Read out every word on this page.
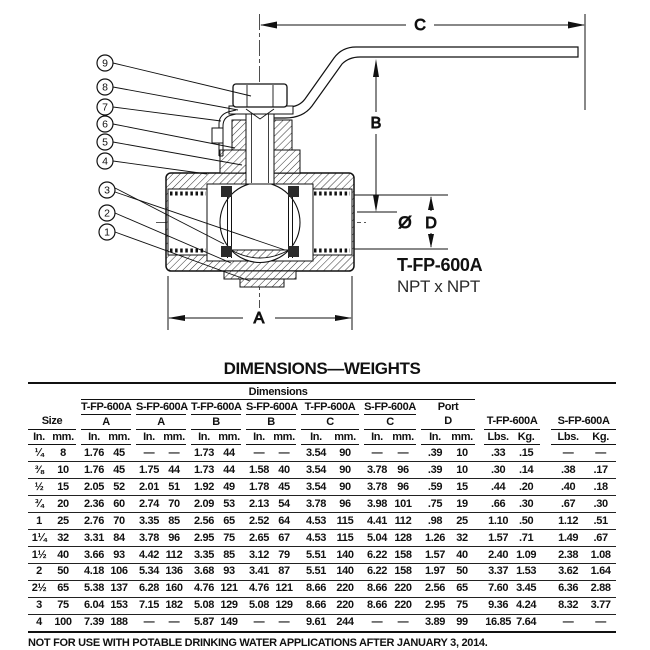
C
B
Ø D
A
9
8
7
6
5
4
3
2
1
T-FP-600A
NPT x NPT
DIMENSIONS—WEIGHTS
			Dimensions																									
			T-FP-600A			S-FP-600A			T-FP-600A			S-FP-600A			T-FP-600A			S-FP-600A			Port							
Size			A			A			B			B			C			C			D			T-FP-600A			S-FP-600A	
In.	mm.		In.	mm.		In.	mm.		In.	mm.		In.	mm.		In.	mm.		In.	mm.		In.	mm.		Lbs.	Kg.		Lbs.	Kg.
¼	8		1.76	45		—	—		1.73	44		—	—		3.54	90		—	—		.39	10		.33	.15		—	—
⅜	10		1.76	45		1.75	44		1.73	44		1.58	40		3.54	90		3.78	96		.39	10		.30	.14		.38	.17
½	15		2.05	52		2.01	51		1.92	49		1.78	45		3.54	90		3.78	96		.59	15		.44	.20		.40	.18
¾	20		2.36	60		2.74	70		2.09	53		2.13	54		3.78	96		3.98	101		.75	19		.66	.30		.67	.30
1	25		2.76	70		3.35	85		2.56	65		2.52	64		4.53	115		4.41	112		.98	25		1.10	.50		1.12	.51
1¼	32		3.31	84		3.78	96		2.95	75		2.65	67		4.53	115		5.04	128		1.26	32		1.57	.71		1.49	.67
1½	40		3.66	93		4.42	112		3.35	85		3.12	79		5.51	140		6.22	158		1.57	40		2.40	1.09		2.38	1.08
2	50		4.18	106		5.34	136		3.68	93		3.41	87		5.51	140		6.22	158		1.97	50		3.37	1.53		3.62	1.64
2½	65		5.38	137		6.28	160		4.76	121		4.76	121		8.66	220		8.66	220		2.56	65		7.60	3.45		6.36	2.88
3	75		6.04	153		7.15	182		5.08	129		5.08	129		8.66	220		8.66	220		2.95	75		9.36	4.24		8.32	3.77
4	100		7.39	188		—	—		5.87	149		—	—		9.61	244		—	—		3.89	99		16.85	7.64		—	—
NOT FOR USE WITH POTABLE DRINKING WATER APPLICATIONS AFTER JANUARY 3, 2014.
